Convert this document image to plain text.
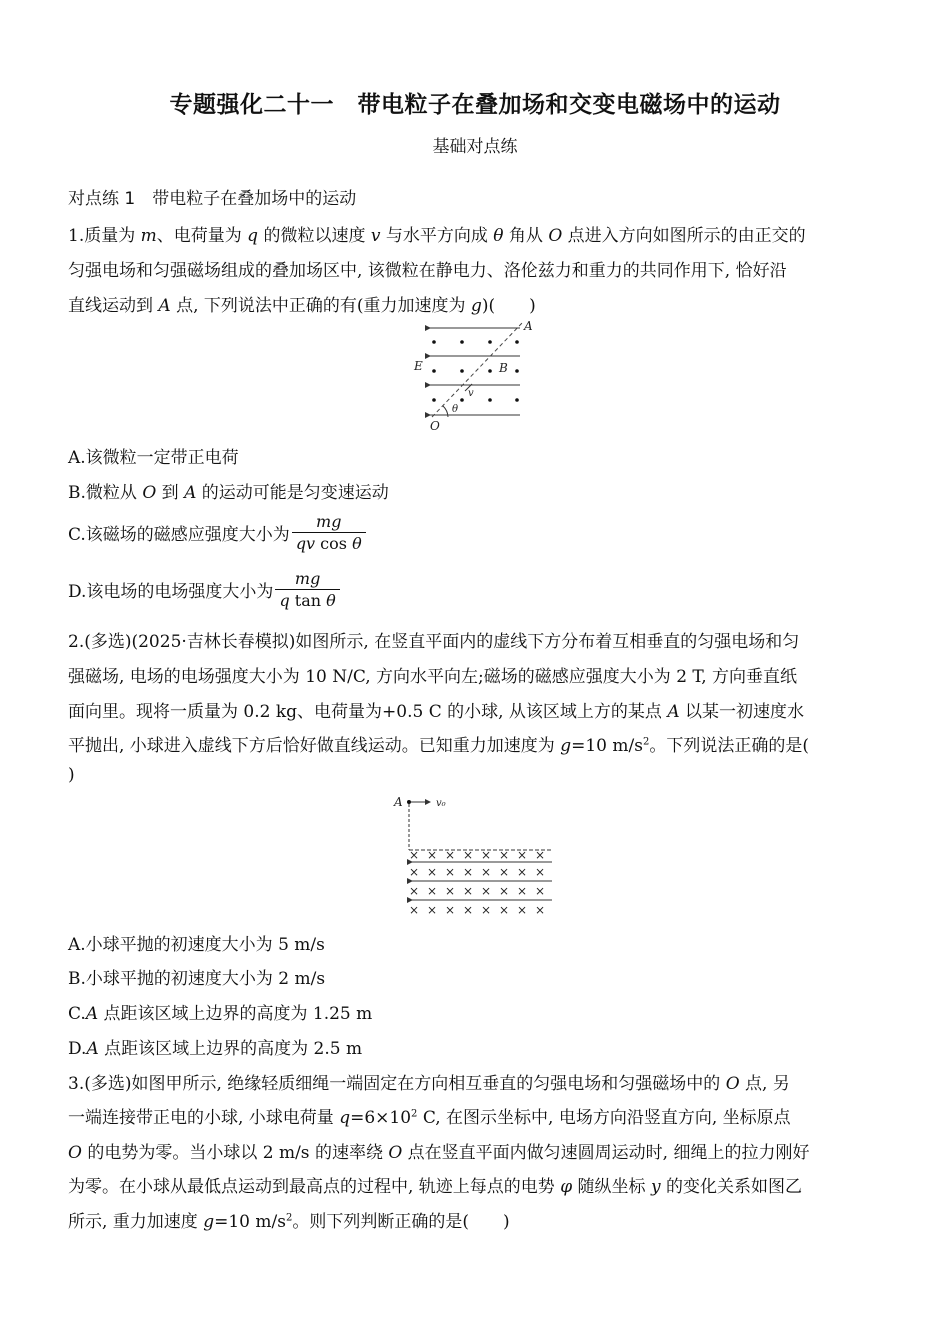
专题强化二十一　带电粒子在叠加场和交变电磁场中的运动
基础对点练
对点练 1　带电粒子在叠加场中的运动
1.质量为 m、电荷量为 q 的微粒以速度 v 与水平方向成 θ 角从 O 点进入方向如图所示的由正交的
匀强电场和匀强磁场组成的叠加场区中, 该微粒在静电力、洛伦兹力和重力的共同作用下, 恰好沿
直线运动到 A 点, 下列说法中正确的有(重力加速度为 g)(　　)
A
B
E
O
v
θ
A.该微粒一定带正电荷
B.微粒从 O 到 A 的运动可能是匀变速运动
C.该磁场的磁感应强度大小为 $\frac{mg}{\text{qv cos θ}}$
D.该电场的电场强度大小为 $\frac{mg}{\text{q tan θ}}$
2.(多选)(2025·吉林长春模拟)如图所示, 在竖直平面内的虚线下方分布着互相垂直的匀强电场和匀
强磁场, 电场的电场强度大小为 10 N/C, 方向水平向左;磁场的磁感应强度大小为 2 T, 方向垂直纸
面向里。现将一质量为 0.2 kg、电荷量为+0.5 C 的小球, 从该区域上方的某点 A 以某一初速度水
平抛出, 小球进入虚线下方后恰好做直线运动。已知重力加速度为 g=10 $m/s^2$。下列说法正确的是(
)
A	v₀
× × × × × × × ×
× × × × × × × ×
× × × × × × × ×
× × × × × × × ×
A.小球平抛的初速度大小为 5 m/s
B.小球平抛的初速度大小为 2 m/s
C.A 点距该区域上边界的高度为 1.25 m
D.A 点距该区域上边界的高度为 2.5 m
3.(多选)如图甲所示, 绝缘轻质细绳一端固定在方向相互垂直的匀强电场和匀强磁场中的 O 点, 另
一端连接带正电的小球, 小球电荷量 $q=6\times 10^2$ C, 在图示坐标中, 电场方向沿竖直方向, 坐标原点
O 的电势为零。当小球以 2 m/s 的速率绕 O 点在竖直平面内做匀速圆周运动时, 细绳上的拉力刚好
为零。在小球从最低点运动到最高点的过程中, 轨迹上每点的电势 φ 随纵坐标 y 的变化关系如图乙
所示, 重力加速度 g=10 $m/s^2$。则下列判断正确的是(　　)
